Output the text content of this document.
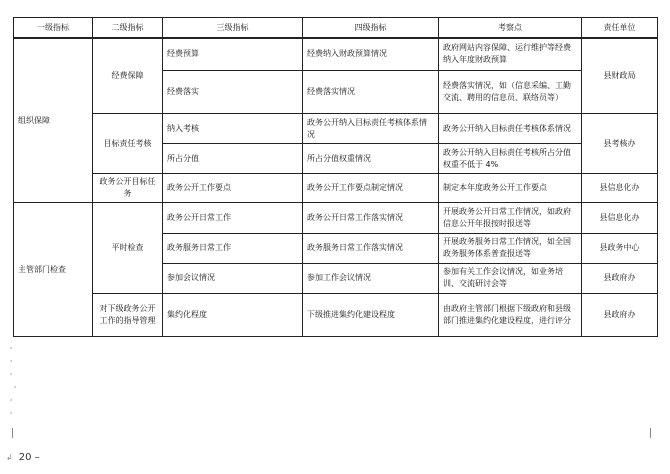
一级指标	二级指标	三级指标	四级指标	考察点	责任单位
组织保障	经费保障	经费预算	经费纳入财政预算情况	政府网站内容保障、运行维护等经费纳入年度财政预算	县财政局
		经费落实	经费落实情况	经费落实情况，如（信息采编、工勤交流、聘用的信息员、联络员等）	
	目标责任考核	纳入考核	政务公开纳入目标责任考核体系情况	政务公开纳入目标责任考核体系情况	县考核办
		所占分值	所占分值权重情况	政务公开纳入目标责任考核所占分值权重不低于 4%	
	政务公开目标任务	政务公开工作要点	政务公开工作要点制定情况	制定本年度政务公开工作要点	县信息化办
主管部门检查	平时检查	政务公开日常工作	政务公开日常工作落实情况	开展政务公开日常工作情况，如政府信息公开年报按时报送等	县信息化办
		政务服务日常工作	政务服务日常工作落实情况	开展政务服务日常工作情况，如全国政务服务体系普查报送等	县政务中心
		参加会议情况	参加工作会议情况	参加有关工作会议情况，如业务培训、交流研讨会等	县政府办
	对下级政务公开工作的指导管理	集约化程度	下级推进集约化建设程度	由政府主管部门根据下级政府和县级部门推进集约化建设程度，进行评分	县政府办
,
,
,
,
,
,
↲ 20 –
